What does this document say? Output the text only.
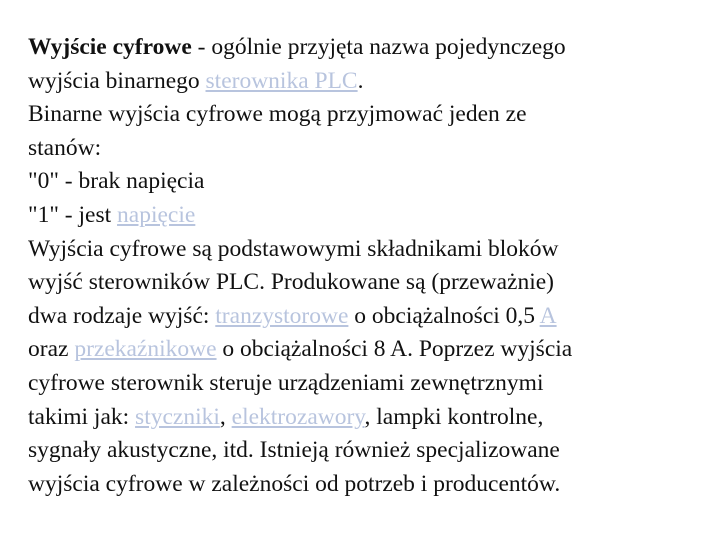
Wyjście cyfrowe - ogólnie przyjęta nazwa pojedynczego
wyjścia binarnego sterownika PLC.
Binarne wyjścia cyfrowe mogą przyjmować jeden ze
stanów:
"0" - brak napięcia
"1" - jest napięcie
Wyjścia cyfrowe są podstawowymi składnikami bloków
wyjść sterowników PLC. Produkowane są (przeważnie)
dwa rodzaje wyjść: tranzystorowe o obciążalności 0,5 A
oraz przekaźnikowe o obciążalności 8 A. Poprzez wyjścia
cyfrowe sterownik steruje urządzeniami zewnętrznymi
takimi jak: styczniki, elektrozawory, lampki kontrolne,
sygnały akustyczne, itd. Istnieją również specjalizowane
wyjścia cyfrowe w zależności od potrzeb i producentów.
